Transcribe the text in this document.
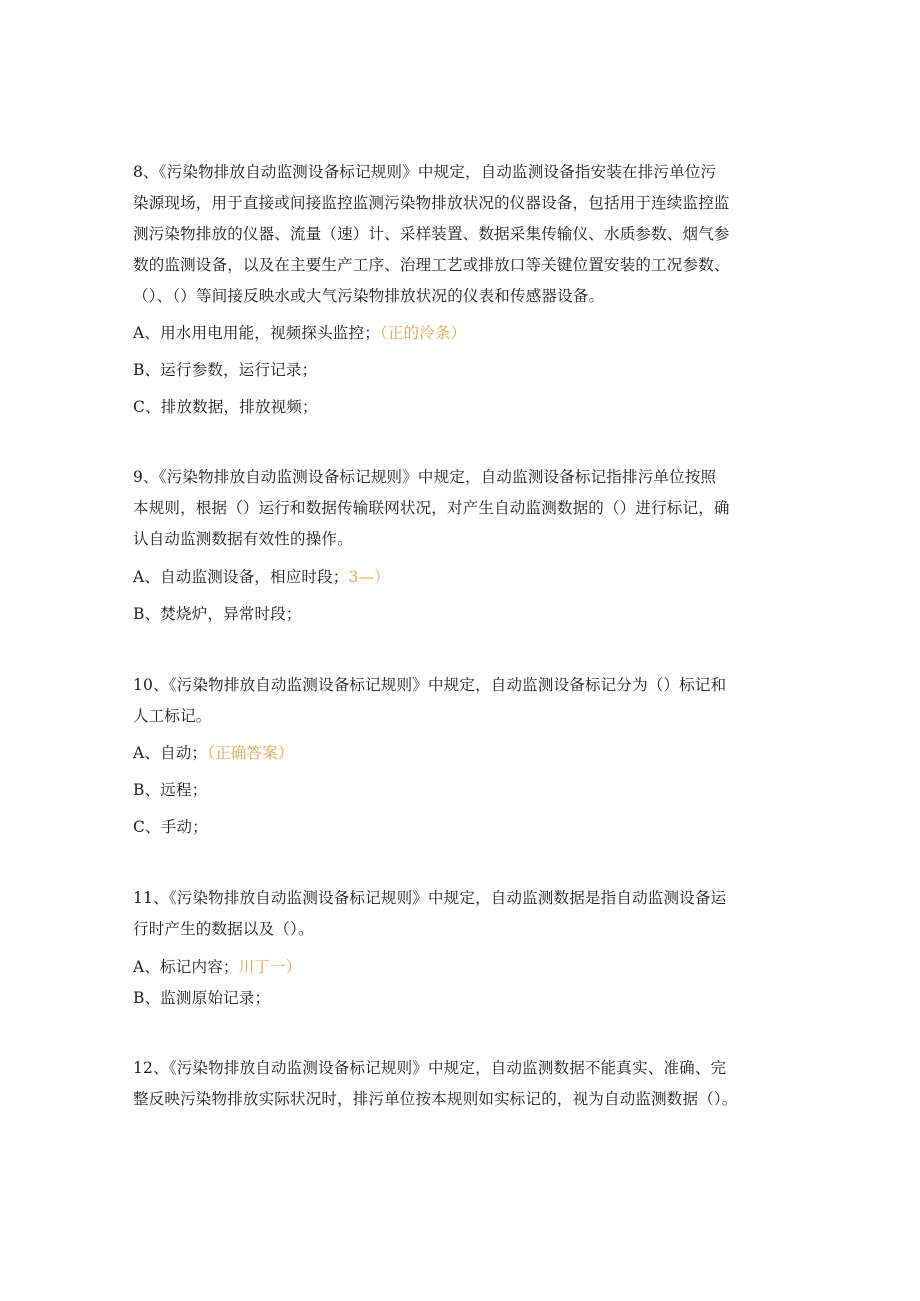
8、《污染物排放自动监测设备标记规则》中规定，自动监测设备指安装在排污单位污
染源现场，用于直接或间接监控监测污染物排放状况的仪器设备，包括用于连续监控监
测污染物排放的仪器、流量（速）计、采样装置、数据采集传输仪、水质参数、烟气参
数的监测设备，以及在主要生产工序、治理工艺或排放口等关键位置安装的工况参数、
（）、（）等间接反映水或大气污染物排放状况的仪表和传感器设备。
A、用水用电用能，视频探头监控；（正的泠条）
B、运行参数，运行记录；
C、排放数据，排放视频；
9、《污染物排放自动监测设备标记规则》中规定，自动监测设备标记指排污单位按照
本规则，根据（）运行和数据传输联网状况，对产生自动监测数据的（）进行标记，确
认自动监测数据有效性的操作。
A、自动监测设备，相应时段；3—）
B、焚烧炉，异常时段；
10、《污染物排放自动监测设备标记规则》中规定，自动监测设备标记分为（）标记和
人工标记。
A、自动；（正确答案）
B、远程；
C、手动；
11、《污染物排放自动监测设备标记规则》中规定，自动监测数据是指自动监测设备运
行时产生的数据以及（）。
A、标记内容；川丁一）
B、监测原始记录；
12、《污染物排放自动监测设备标记规则》中规定，自动监测数据不能真实、准确、完
整反映污染物排放实际状况时，排污单位按本规则如实标记的，视为自动监测数据（）。
